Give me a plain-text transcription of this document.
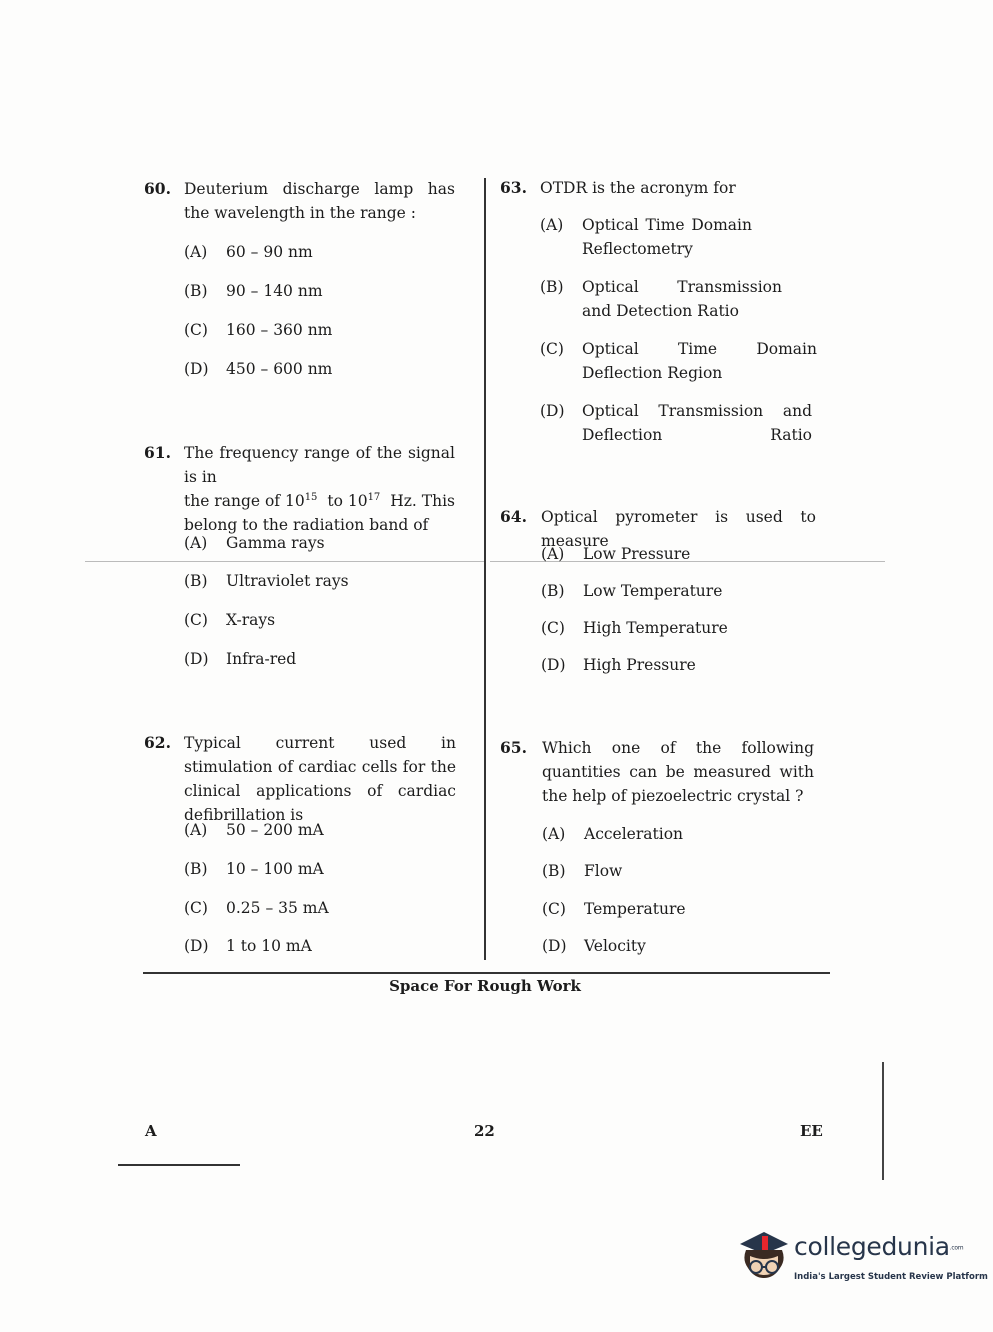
60. Deuterium discharge lamp has the wavelength in the range :
(A) 60 – 90 nm
(B) 90 – 140 nm
(C) 160 – 360 nm
(D) 450 – 600 nm
61. The frequency range of the signal is in
the range of $10^{15}$ to $10^{17}$ Hz. This
belong to the radiation band of
(A) Gamma rays
(B) Ultraviolet rays
(C) X-rays
(D) Infra-red
62. Typical current used in stimulation of cardiac cells for the clinical applications of cardiac defibrillation is
(A) 50 – 200 mA
(B) 10 – 100 mA
(C) 0.25 – 35 mA
(D) 1 to 10 mA
63. OTDR is the acronym for
(A) Optical Time Domain Reflectometry
(B) Optical Transmission and Detection Ratio
(C) Optical Time Domain Deflection Region
(D) Optical Transmission and Deflection Ratio
64. Optical pyrometer is used to measure
(A) Low Pressure
(B) Low Temperature
(C) High Temperature
(D) High Pressure
65. Which one of the following quantities can be measured with the help of piezoelectric crystal ?
(A) Acceleration
(B) Flow
(C) Temperature
(D) Velocity
Space For Rough Work
A	22	EE
collegedunia.com
India's Largest Student Review Platform
